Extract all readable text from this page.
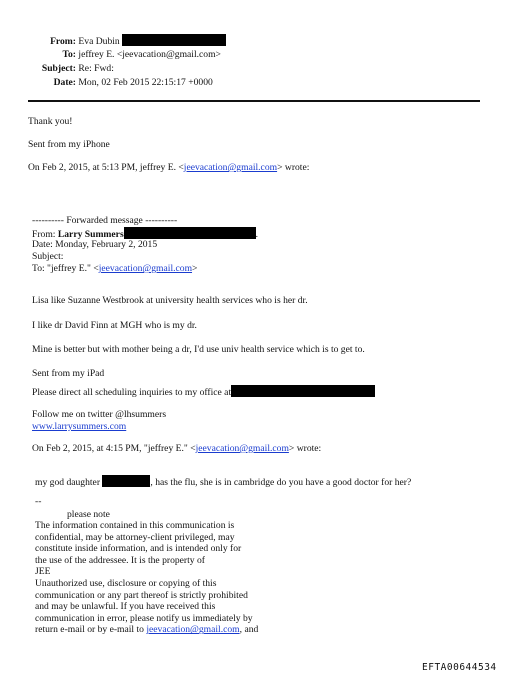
From: Eva Dubin
To: jeffrey E. <jeevacation@gmail.com>
Subject: Re: Fwd:
Date: Mon, 02 Feb 2015 22:15:17 +0000
Thank you!
Sent from my iPhone
On Feb 2, 2015, at 5:13 PM, jeffrey E. <jeevacation@gmail.com> wrote:
---------- Forwarded message ----------
From: Larry Summers	.
Date: Monday, February 2, 2015
Subject:
To: "jeffrey E." <jeevacation@gmail.com>
Lisa like Suzanne Westbrook at university health services who is her dr.
I like dr David Finn at MGH who is my dr.
Mine is better but with mother being a dr, I'd use univ health service which is to get to.
Sent from my iPad
Please direct all scheduling inquiries to my office at
Follow me on twitter @lhsummers
www.larrysummers.com
On Feb 2, 2015, at 4:15 PM, "jeffrey E." <jeevacation@gmail.com> wrote:
my god daughter	, has the flu, she is in cambridge do you have a good doctor for her?
--
please note
The information contained in this communication is
confidential, may be attorney-client privileged, may
constitute inside information, and is intended only for
the use of the addressee. It is the property of
JEE
Unauthorized use, disclosure or copying of this
communication or any part thereof is strictly prohibited
and may be unlawful. If you have received this
communication in error, please notify us immediately by
return e-mail or by e-mail to jeevacation@gmail.com, and
EFTA00644534
